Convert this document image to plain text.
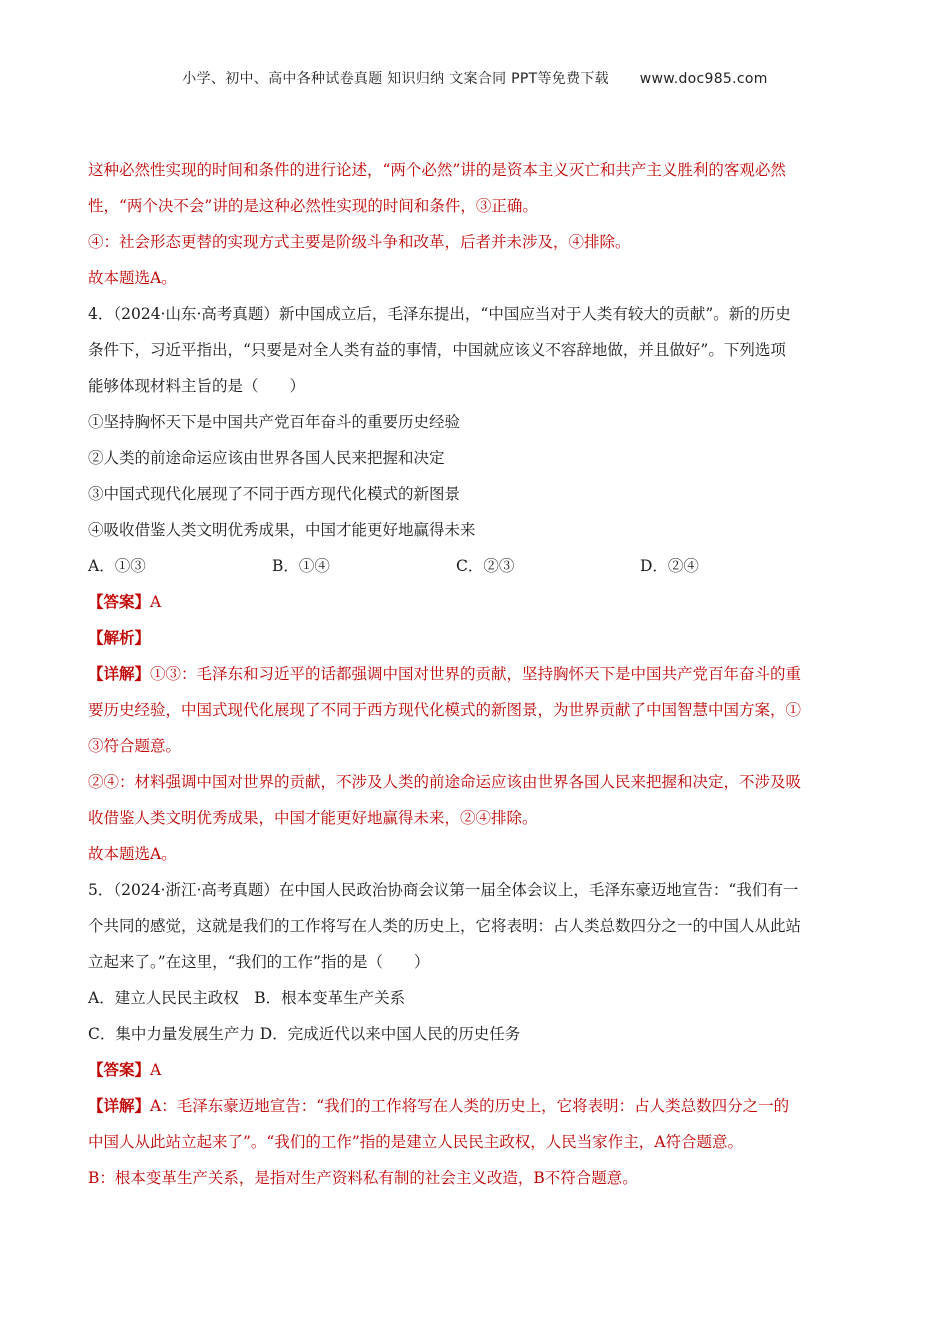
小学、初中、高中各种试卷真题 知识归纳 文案合同 PPT等免费下载 www.doc985.com
这种必然性实现的时间和条件的进行论述，“两个必然”讲的是资本主义灭亡和共产主义胜利的客观必然
性，“两个决不会”讲的是这种必然性实现的时间和条件，③正确。
④：社会形态更替的实现方式主要是阶级斗争和改革，后者并未涉及，④排除。
故本题选A。
4．（2024·山东·高考真题）新中国成立后，毛泽东提出，“中国应当对于人类有较大的贡献”。新的历史
条件下，习近平指出，“只要是对全人类有益的事情，中国就应该义不容辞地做，并且做好”。下列选项
能够体现材料主旨的是（　　）
①坚持胸怀天下是中国共产党百年奋斗的重要历史经验
②人类的前途命运应该由世界各国人民来把握和决定
③中国式现代化展现了不同于西方现代化模式的新图景
④吸收借鉴人类文明优秀成果，中国才能更好地赢得未来
A．①③	B．①④	C．②③	D．②④
【答案】A
【解析】
【详解】①③：毛泽东和习近平的话都强调中国对世界的贡献，坚持胸怀天下是中国共产党百年奋斗的重
要历史经验，中国式现代化展现了不同于西方现代化模式的新图景，为世界贡献了中国智慧中国方案，①
③符合题意。
②④：材料强调中国对世界的贡献，不涉及人类的前途命运应该由世界各国人民来把握和决定，不涉及吸
收借鉴人类文明优秀成果，中国才能更好地赢得未来，②④排除。
故本题选A。
5．（2024·浙江·高考真题）在中国人民政治协商会议第一届全体会议上，毛泽东豪迈地宣告：“我们有一
个共同的感觉，这就是我们的工作将写在人类的历史上，它将表明：占人类总数四分之一的中国人从此站
立起来了。”在这里，“我们的工作”指的是（　　）
A．建立人民民主政权　B．根本变革生产关系
C．集中力量发展生产力 D．完成近代以来中国人民的历史任务
【答案】A
【详解】A：毛泽东豪迈地宣告：“我们的工作将写在人类的历史上，它将表明：占人类总数四分之一的
中国人从此站立起来了”。“我们的工作”指的是建立人民民主政权，人民当家作主，A符合题意。
B：根本变革生产关系，是指对生产资料私有制的社会主义改造，B不符合题意。
